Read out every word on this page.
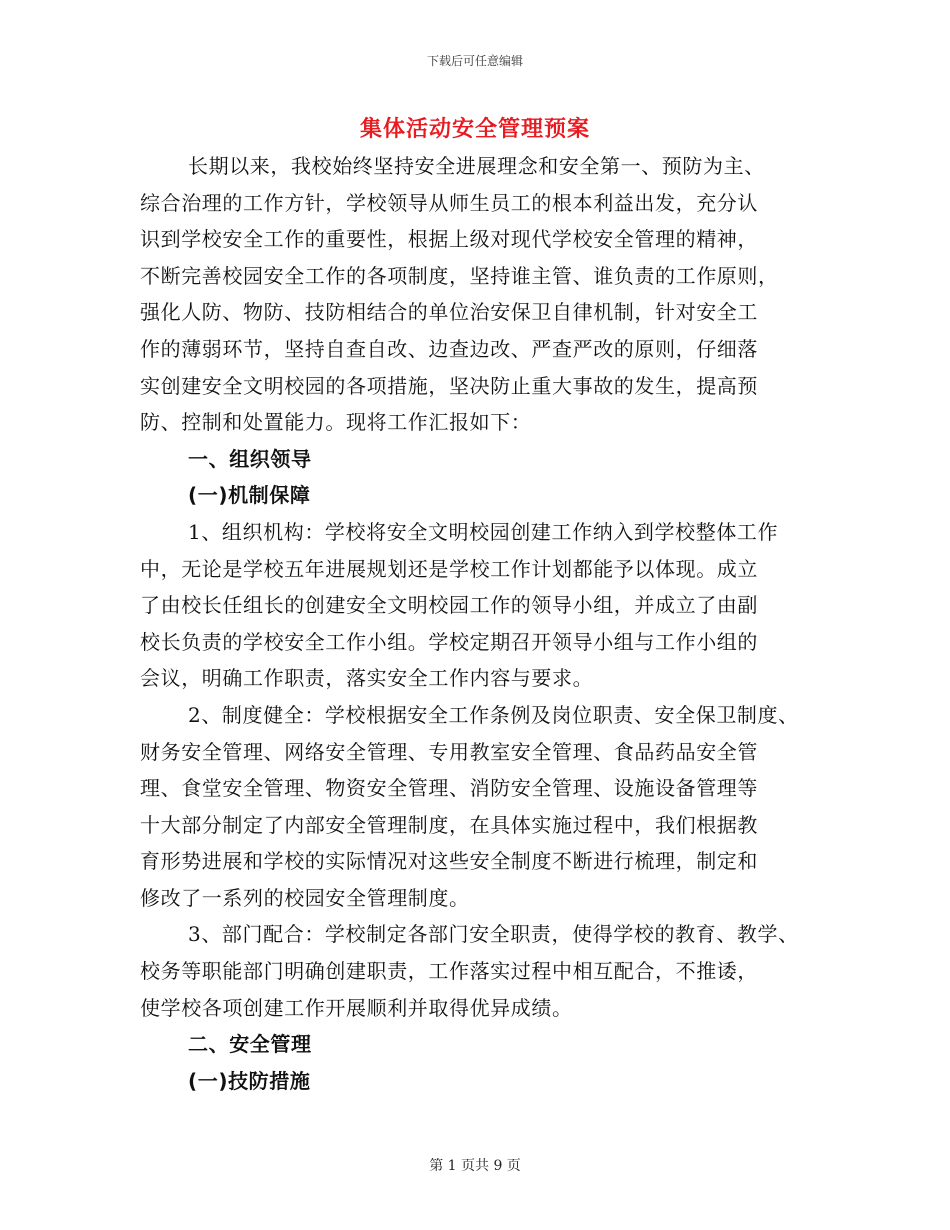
下载后可任意编辑
集体活动安全管理预案
长期以来，我校始终坚持安全进展理念和安全第一、预防为主、
综合治理的工作方针，学校领导从师生员工的根本利益出发，充分认
识到学校安全工作的重要性，根据上级对现代学校安全管理的精神，
不断完善校园安全工作的各项制度，坚持谁主管、谁负责的工作原则，
强化人防、物防、技防相结合的单位治安保卫自律机制，针对安全工
作的薄弱环节，坚持自查自改、边查边改、严查严改的原则，仔细落
实创建安全文明校园的各项措施，坚决防止重大事故的发生，提高预
防、控制和处置能力。现将工作汇报如下：
一、组织领导
(一)机制保障
1、组织机构：学校将安全文明校园创建工作纳入到学校整体工作
中，无论是学校五年进展规划还是学校工作计划都能予以体现。成立
了由校长任组长的创建安全文明校园工作的领导小组，并成立了由副
校长负责的学校安全工作小组。学校定期召开领导小组与工作小组的
会议，明确工作职责，落实安全工作内容与要求。
2、制度健全：学校根据安全工作条例及岗位职责、安全保卫制度、
财务安全管理、网络安全管理、专用教室安全管理、食品药品安全管
理、食堂安全管理、物资安全管理、消防安全管理、设施设备管理等
十大部分制定了内部安全管理制度，在具体实施过程中，我们根据教
育形势进展和学校的实际情况对这些安全制度不断进行梳理，制定和
修改了一系列的校园安全管理制度。
3、部门配合：学校制定各部门安全职责，使得学校的教育、教学、
校务等职能部门明确创建职责，工作落实过程中相互配合，不推诿，
使学校各项创建工作开展顺利并取得优异成绩。
二、安全管理
(一)技防措施
第 1 页共 9 页
